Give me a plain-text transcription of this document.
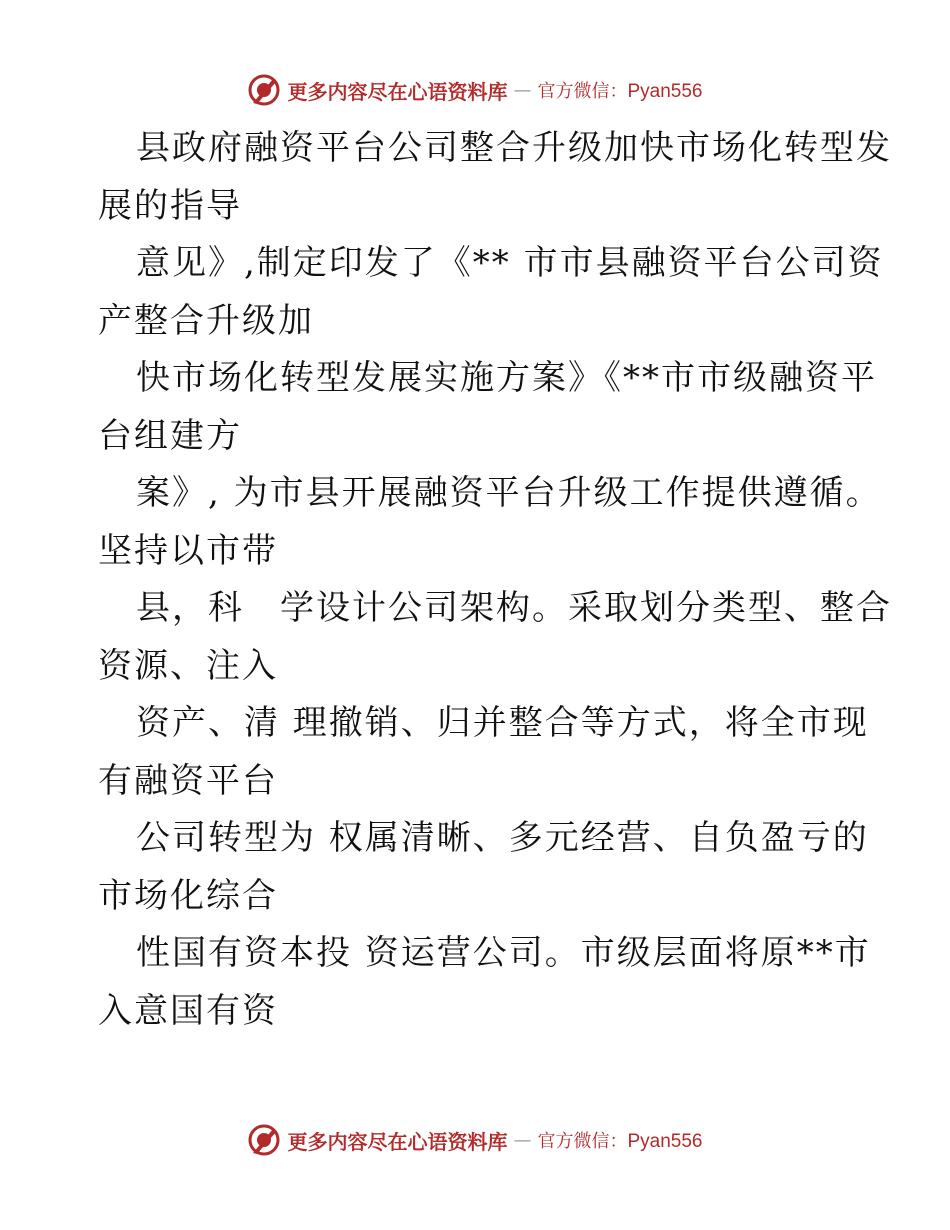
更多内容尽在心语资料库 — 官方微信：Pyan556

县政府融资平台公司整合升级加快市场化转型发
展的指导

意见》,制定印发了《** 市市县融资平台公司资
产整合升级加

快市场化转型发展实施方案》《**市市级融资平
台组建方

案》, 为市县开展融资平台升级工作提供遵循。
坚持以市带

县，科　学设计公司架构。采取划分类型、整合
资源、注入

资产、清 理撤销、归并整合等方式，将全市现
有融资平台

公司转型为 权属清晰、多元经营、自负盈亏的
市场化综合

性国有资本投 资运营公司。市级层面将原**市
入意国有资

更多内容尽在心语资料库 — 官方微信：Pyan556
